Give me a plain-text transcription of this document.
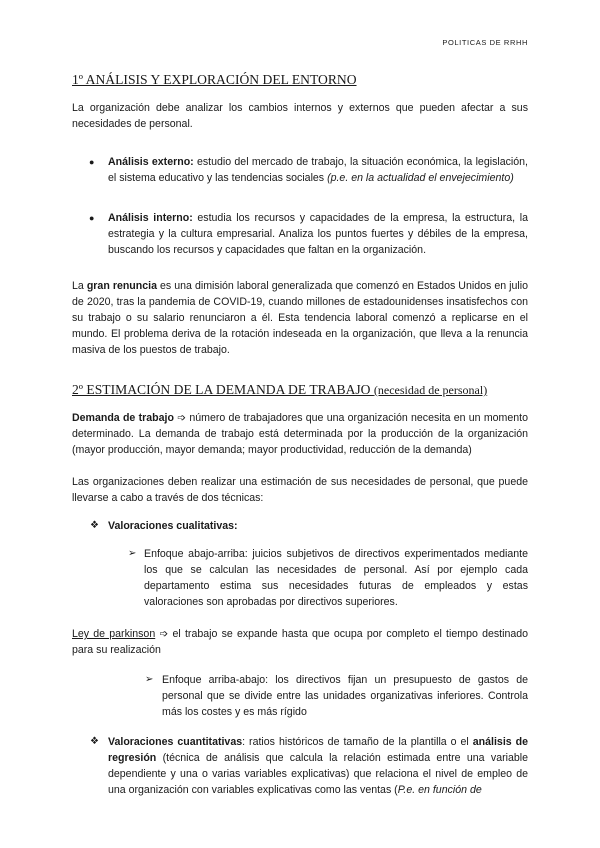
POLITICAS DE RRHH
1º ANÁLISIS Y EXPLORACIÓN DEL ENTORNO

La organización debe analizar los cambios internos y externos que pueden afectar a sus necesidades de personal.

● Análisis externo: estudio del mercado de trabajo, la situación económica, la legislación, el sistema educativo y las tendencias sociales (p.e. en la actualidad el envejecimiento)
● Análisis interno: estudia los recursos y capacidades de la empresa, la estructura, la estrategia y la cultura empresarial. Analiza los puntos fuertes y débiles de la empresa, buscando los recursos y capacidades que faltan en la organización.

La gran renuncia es una dimisión laboral generalizada que comenzó en Estados Unidos en julio de 2020, tras la pandemia de COVID-19, cuando millones de estadounidenses insatisfechos con su trabajo o su salario renunciaron a él. Esta tendencia laboral comenzó a replicarse en el mundo. El problema deriva de la rotación indeseada en la organización, que lleva a la renuncia masiva de los puestos de trabajo.

2º ESTIMACIÓN DE LA DEMANDA DE TRABAJO (necesidad de personal)

Demanda de trabajo ➩ número de trabajadores que una organización necesita en un momento determinado. La demanda de trabajo está determinada por la producción de la organización (mayor producción, mayor demanda; mayor productividad, reducción de la demanda)

Las organizaciones deben realizar una estimación de sus necesidades de personal, que puede llevarse a cabo a través de dos técnicas:

❖ Valoraciones cualitativas:
➢ Enfoque abajo-arriba: juicios subjetivos de directivos experimentados mediante los que se calculan las necesidades de personal. Así por ejemplo cada departamento estima sus necesidades futuras de empleados y estas valoraciones son aprobadas por directivos superiores.

Ley de parkinson ➩ el trabajo se expande hasta que ocupa por completo el tiempo destinado para su realización

➢ Enfoque arriba-abajo: los directivos fijan un presupuesto de gastos de personal que se divide entre las unidades organizativas inferiores. Controla más los costes y es más rígido
❖ Valoraciones cuantitativas: ratios históricos de tamaño de la plantilla o el análisis de regresión (técnica de análisis que calcula la relación estimada entre una variable dependiente y una o varias variables explicativas) que relaciona el nivel de empleo de una organización con variables explicativas como las ventas (P.e. en función de
